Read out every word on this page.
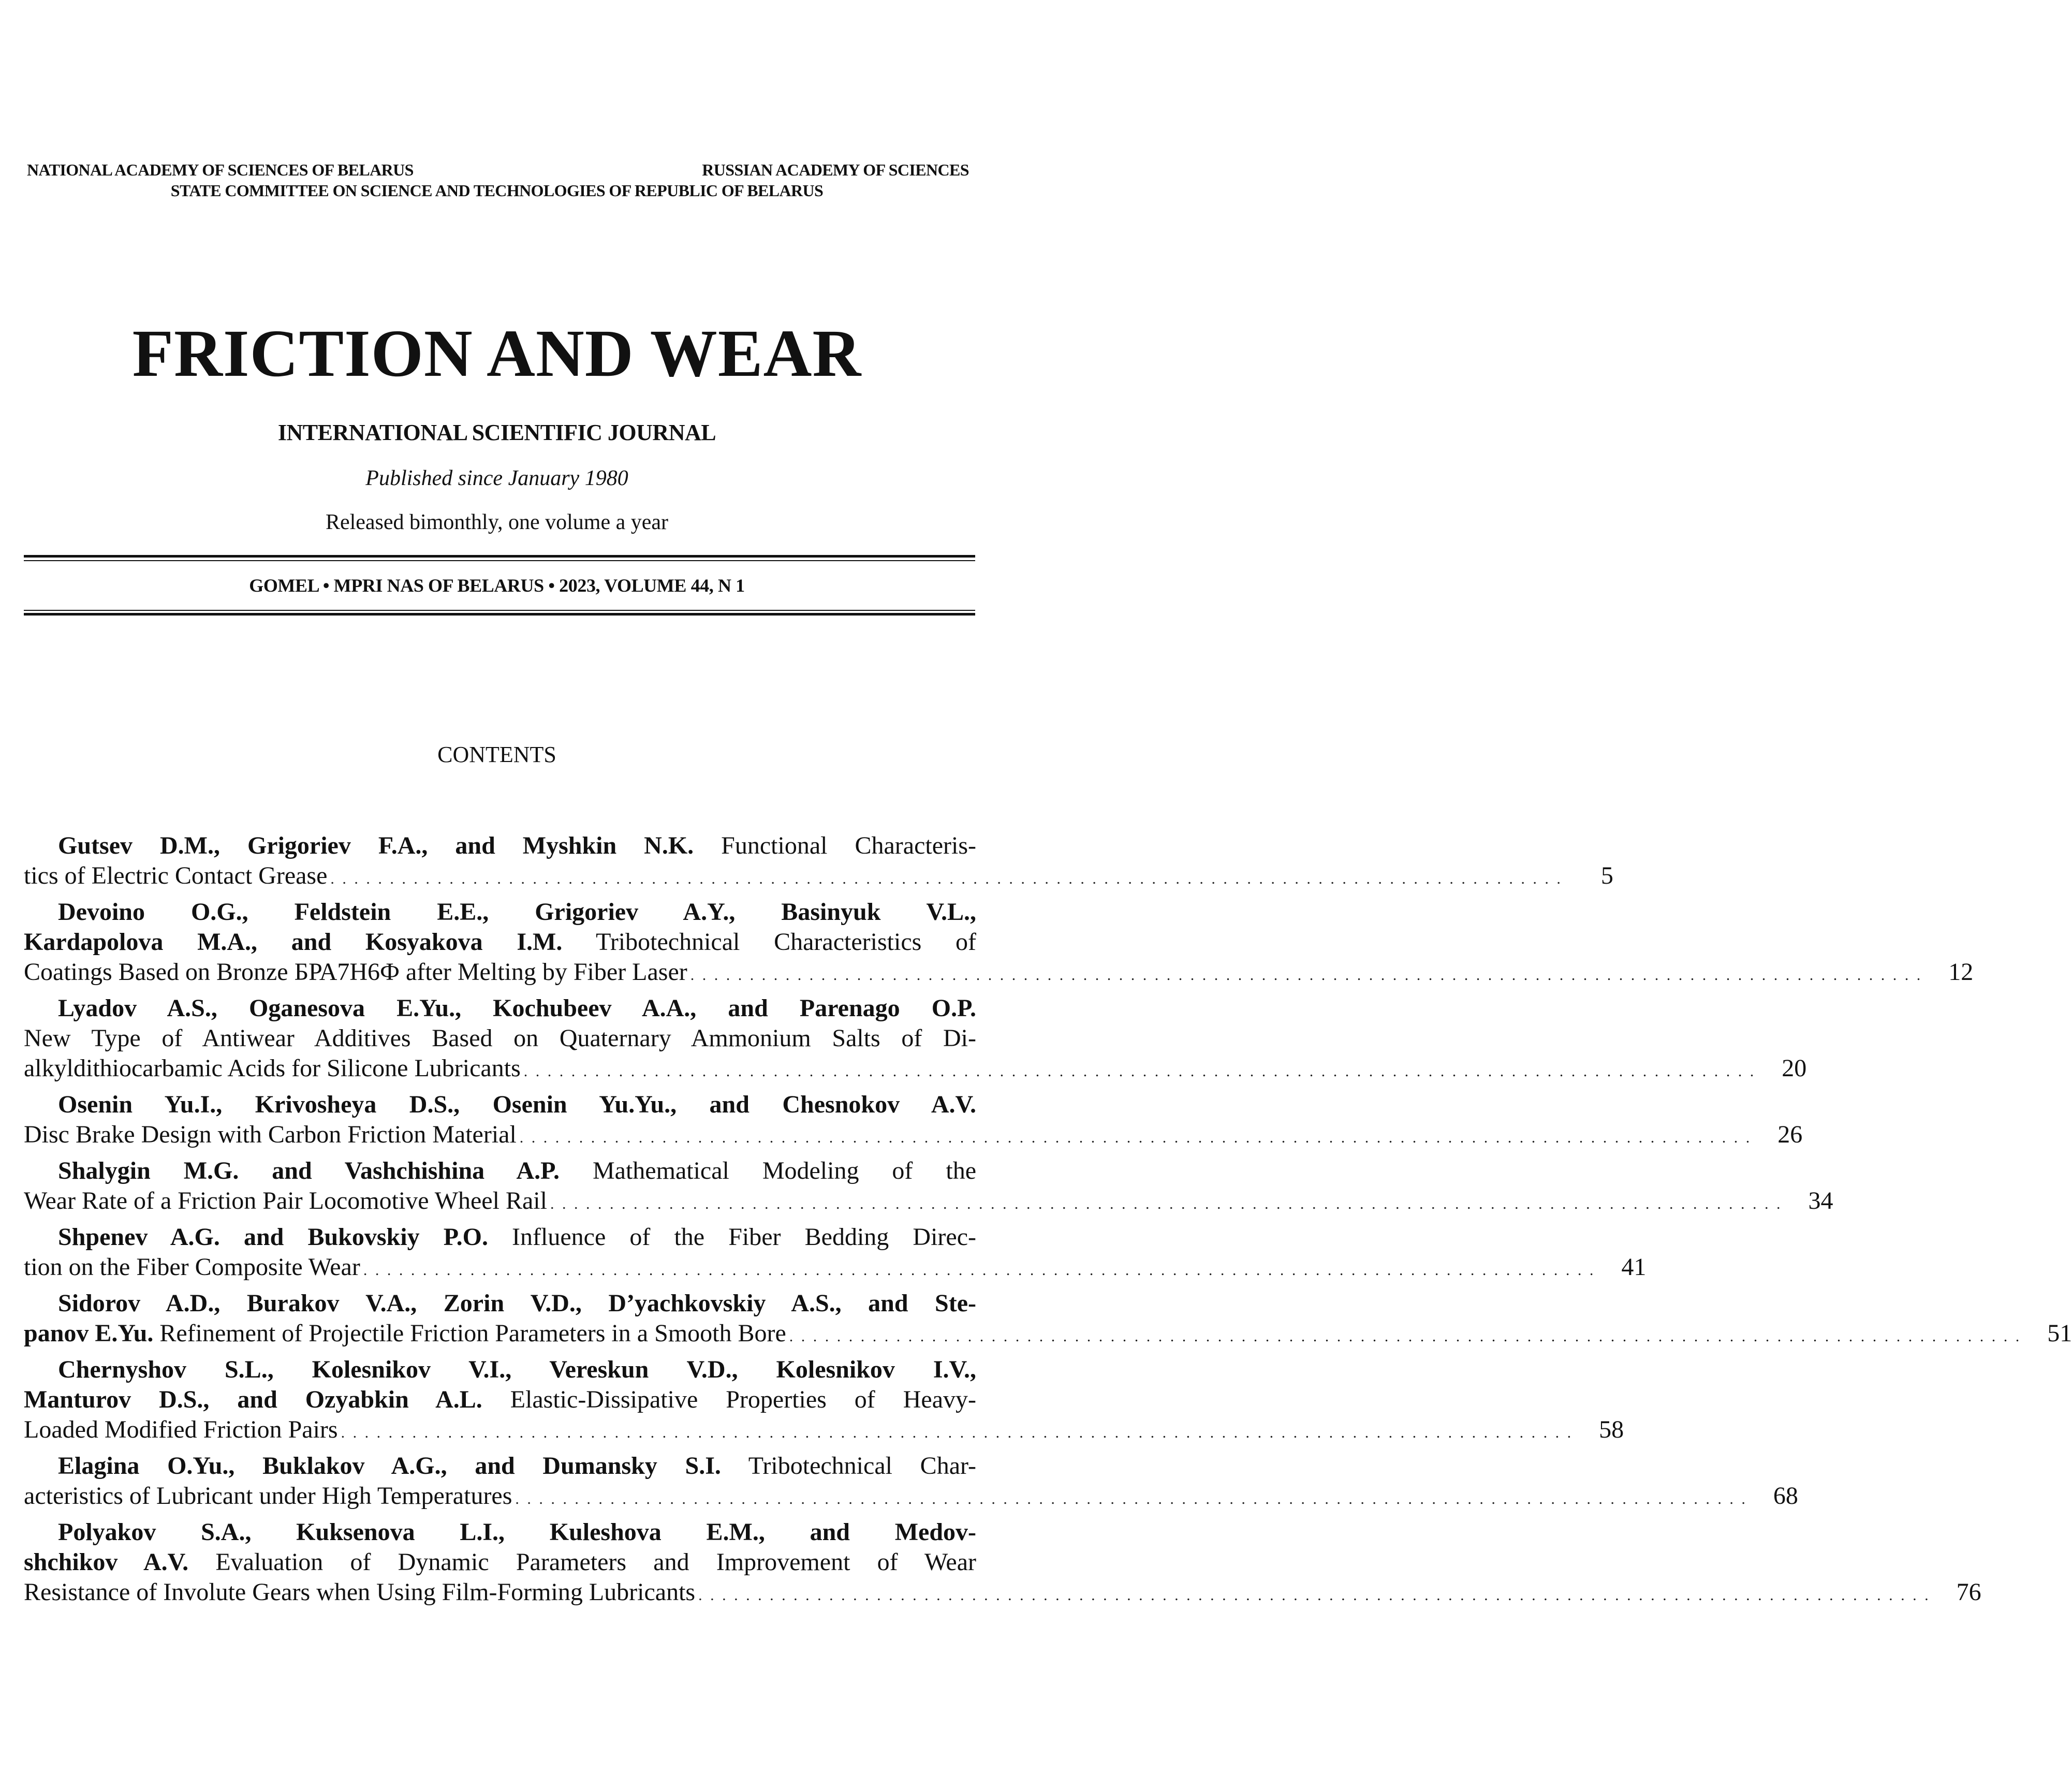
NATIONAL ACADEMY OF SCIENCES OF BELARUS	RUSSIAN ACADEMY OF SCIENCES
STATE COMMITTEE ON SCIENCE AND TECHNOLOGIES OF REPUBLIC OF BELARUS
FRICTION AND WEAR
INTERNATIONAL SCIENTIFIC JOURNAL
Published since January 1980
Released bimonthly, one volume a year
GOMEL • MPRI NAS OF BELARUS • 2023, VOLUME 44, N 1
CONTENTS
Gutsev D.M., Grigoriev F.A., and Myshkin N.K. Functional Characteris-
tics of Electric Contact Grease . . . . . . . . . . . . . . . . . . . . . . . . . . . . . . . . . . . . . . . . . . . . . . . . . . . . . . . . . . . . . . . . . . . . . . . . . . . . . . . . . . . . . . . . . . . . . . . . . . . . . . . .	5
Devoino O.G., Feldstein E.E., Grigoriev A.Y., Basinyuk V.L.,
Kardapolova M.A., and Kosyakova I.M. Tribotechnical Characteristics of
Coatings Based on Bronze БРА7Н6Ф after Melting by Fiber Laser . . . . . . . . . . . . . . . . . . . . . . . . . . . . . . . . . . . . . . . . . . . . . . . . . . . . . . . . . . . . . . . . . . . . . . . . . . . . . . . . . . . . . . . . . . . . . . . . . . . . . . . .	12
Lyadov A.S., Oganesova E.Yu., Kochubeev A.A., and Parenago O.P.
New Type of Antiwear Additives Based on Quaternary Ammonium Salts of Di-
alkyldithiocarbamic Acids for Silicone Lubricants . . . . . . . . . . . . . . . . . . . . . . . . . . . . . . . . . . . . . . . . . . . . . . . . . . . . . . . . . . . . . . . . . . . . . . . . . . . . . . . . . . . . . . . . . . . . . . . . . . . . . . . .	20
Osenin Yu.I., Krivosheya D.S., Osenin Yu.Yu., and Chesnokov A.V.
Disc Brake Design with Carbon Friction Material . . . . . . . . . . . . . . . . . . . . . . . . . . . . . . . . . . . . . . . . . . . . . . . . . . . . . . . . . . . . . . . . . . . . . . . . . . . . . . . . . . . . . . . . . . . . . . . . . . . . . . . .	26
Shalygin M.G. and Vashchishina A.P. Mathematical Modeling of the
Wear Rate of a Friction Pair Locomotive Wheel Rail . . . . . . . . . . . . . . . . . . . . . . . . . . . . . . . . . . . . . . . . . . . . . . . . . . . . . . . . . . . . . . . . . . . . . . . . . . . . . . . . . . . . . . . . . . . . . . . . . . . . . . . .	34
Shpenev A.G. and Bukovskiy P.O. Influence of the Fiber Bedding Direc-
tion on the Fiber Composite Wear . . . . . . . . . . . . . . . . . . . . . . . . . . . . . . . . . . . . . . . . . . . . . . . . . . . . . . . . . . . . . . . . . . . . . . . . . . . . . . . . . . . . . . . . . . . . . . . . . . . . . . . .	41
Sidorov A.D., Burakov V.A., Zorin V.D., D’yachkovskiy A.S., and Ste-
panov E.Yu. Refinement of Projectile Friction Parameters in a Smooth Bore . . . . . . . . . . . . . . . . . . . . . . . . . . . . . . . . . . . . . . . . . . . . . . . . . . . . . . . . . . . . . . . . . . . . . . . . . . . . . . . . . . . . . . . . . . . . . . . . . . . . . . . .	51
Chernyshov S.L., Kolesnikov V.I., Vereskun V.D., Kolesnikov I.V.,
Manturov D.S., and Ozyabkin A.L. Elastic-Dissipative Properties of Heavy-
Loaded Modified Friction Pairs . . . . . . . . . . . . . . . . . . . . . . . . . . . . . . . . . . . . . . . . . . . . . . . . . . . . . . . . . . . . . . . . . . . . . . . . . . . . . . . . . . . . . . . . . . . . . . . . . . . . . . . .	58
Elagina O.Yu., Buklakov A.G., and Dumansky S.I. Tribotechnical Char-
acteristics of Lubricant under High Temperatures . . . . . . . . . . . . . . . . . . . . . . . . . . . . . . . . . . . . . . . . . . . . . . . . . . . . . . . . . . . . . . . . . . . . . . . . . . . . . . . . . . . . . . . . . . . . . . . . . . . . . . . .	68
Polyakov S.A., Kuksenova L.I., Kuleshova E.M., and Medov-
shchikov A.V. Evaluation of Dynamic Parameters and Improvement of Wear
Resistance of Involute Gears when Using Film-Forming Lubricants . . . . . . . . . . . . . . . . . . . . . . . . . . . . . . . . . . . . . . . . . . . . . . . . . . . . . . . . . . . . . . . . . . . . . . . . . . . . . . . . . . . . . . . . . . . . . . . . . . . . . . . .	76
